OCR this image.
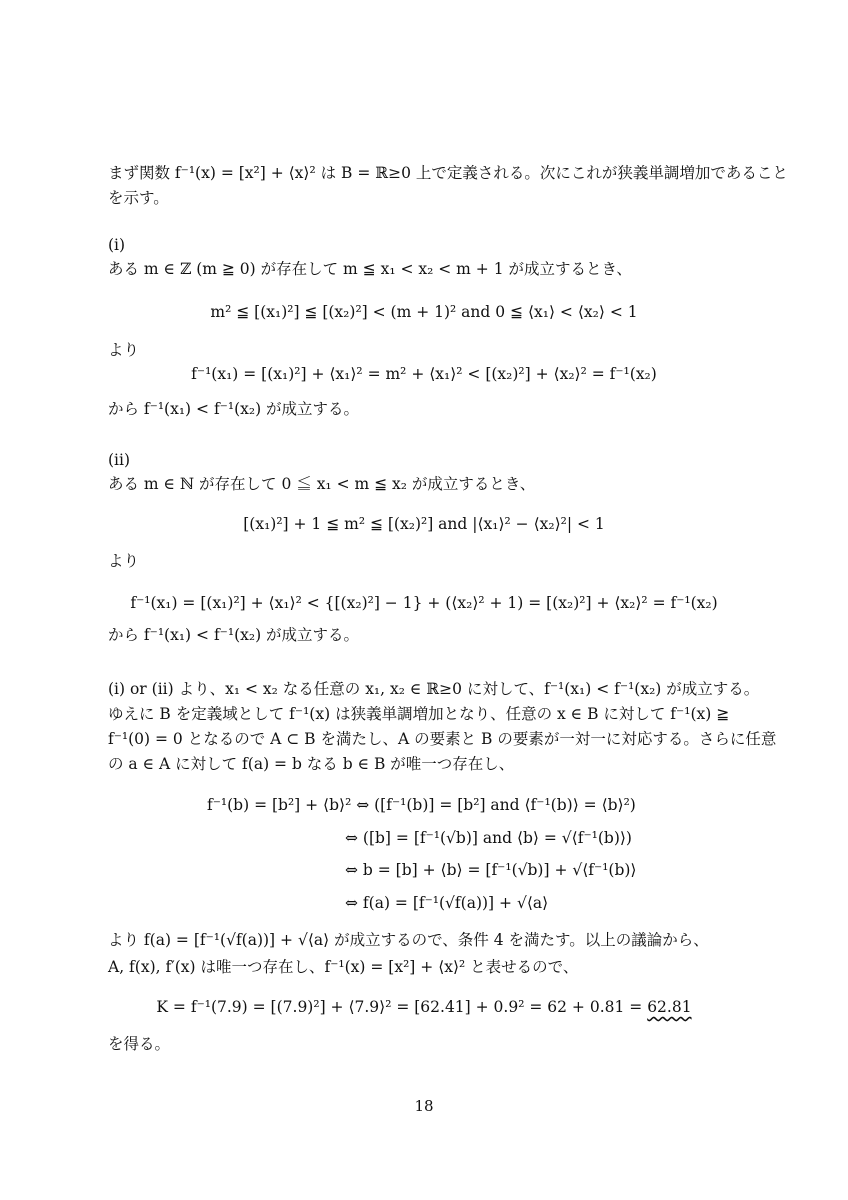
まず関数 f⁻¹(x) = [x²] + ⟨x⟩² は B = ℝ≥0 上で定義される。次にこれが狭義単調増加であること
を示す。
(i)
ある m ∈ ℤ (m ≧ 0) が存在して m ≦ x₁ < x₂ < m + 1 が成立するとき、
m² ≦ [(x₁)²] ≦ [(x₂)²] < (m + 1)² and 0 ≦ ⟨x₁⟩ < ⟨x₂⟩ < 1
より
f⁻¹(x₁) = [(x₁)²] + ⟨x₁⟩² = m² + ⟨x₁⟩² < [(x₂)²] + ⟨x₂⟩² = f⁻¹(x₂)
から f⁻¹(x₁) < f⁻¹(x₂) が成立する。
(ii)
ある m ∈ ℕ が存在して 0 ≦ x₁ < m ≦ x₂ が成立するとき、
[(x₁)²] + 1 ≦ m² ≦ [(x₂)²] and |⟨x₁⟩² − ⟨x₂⟩²| < 1
より
f⁻¹(x₁) = [(x₁)²] + ⟨x₁⟩² < {[(x₂)²] − 1} + (⟨x₂⟩² + 1) = [(x₂)²] + ⟨x₂⟩² = f⁻¹(x₂)
から f⁻¹(x₁) < f⁻¹(x₂) が成立する。
(i) or (ii) より、x₁ < x₂ なる任意の x₁, x₂ ∈ ℝ≥0 に対して、f⁻¹(x₁) < f⁻¹(x₂) が成立する。
ゆえに B を定義域として f⁻¹(x) は狭義単調増加となり、任意の x ∈ B に対して f⁻¹(x) ≧
f⁻¹(0) = 0 となるので A ⊂ B を満たし、A の要素と B の要素が一対一に対応する。さらに任意
の a ∈ A に対して f(a) = b なる b ∈ B が唯一つ存在し、
f⁻¹(b) = [b²] + ⟨b⟩² ⇔ ([f⁻¹(b)] = [b²] and ⟨f⁻¹(b)⟩ = ⟨b⟩²)
⇔ ([b] = [f⁻¹(√b)] and ⟨b⟩ = √⟨f⁻¹(b)⟩)
⇔ b = [b] + ⟨b⟩ = [f⁻¹(√b)] + √⟨f⁻¹(b)⟩
⇔ f(a) = [f⁻¹(√f(a))] + √⟨a⟩
より f(a) = [f⁻¹(√f(a))] + √⟨a⟩ が成立するので、条件 4 を満たす。以上の議論から、
A, f(x), f′(x) は唯一つ存在し、f⁻¹(x) = [x²] + ⟨x⟩² と表せるので、
K = f⁻¹(7.9) = [(7.9)²] + ⟨7.9⟩² = [62.41] + 0.9² = 62 + 0.81 = 62.81
を得る。
18
